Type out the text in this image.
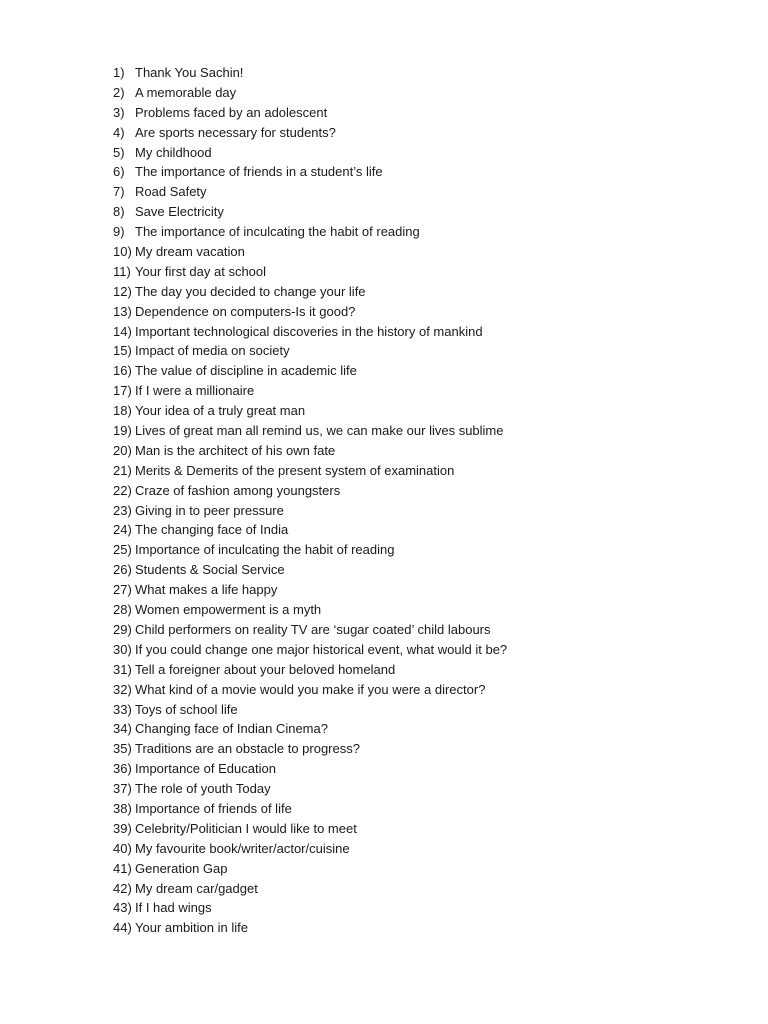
1) Thank You Sachin!
2) A memorable day
3) Problems faced by an adolescent
4) Are sports necessary for students?
5) My childhood
6) The importance of friends in a student’s life
7) Road Safety
8) Save Electricity
9) The importance of inculcating the habit of reading
10) My dream vacation
11) Your first day at school
12) The day you decided to change your life
13) Dependence on computers-Is it good?
14) Important technological discoveries in the history of mankind
15) Impact of media on society
16) The value of discipline in academic life
17) If I were a millionaire
18) Your idea of a truly great man
19) Lives of great man all remind us, we can make our lives sublime
20) Man is the architect of his own fate
21) Merits & Demerits of the present system of examination
22) Craze of fashion among youngsters
23) Giving in to peer pressure
24) The changing face of India
25) Importance of inculcating the habit of reading
26) Students & Social Service
27) What makes a life happy
28) Women empowerment is a myth
29) Child performers on reality TV are ‘sugar coated’ child labours
30) If you could change one major historical event, what would it be?
31) Tell a foreigner about your beloved homeland
32) What kind of a movie would you make if you were a director?
33) Toys of school life
34) Changing face of Indian Cinema?
35) Traditions are an obstacle to progress?
36) Importance of Education
37) The role of youth Today
38) Importance of friends of life
39) Celebrity/Politician I would like to meet
40) My favourite book/writer/actor/cuisine
41) Generation Gap
42) My dream car/gadget
43) If I had wings
44) Your ambition in life
